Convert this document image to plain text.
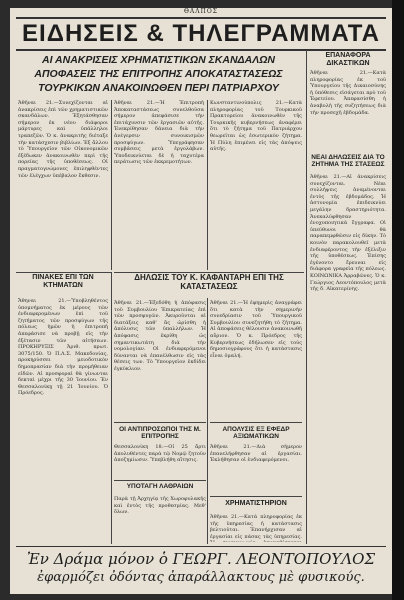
ΘΑΛΠΟΣ
ΕΙΔΗΣΕΙΣ & ΤΗΛΕΓΡΑΜΜΑΤΑ
ΑΙ ΑΝΑΚΡΙΣΕΙΣ ΧΡΗΜΑΤΙΣΤΙΚΩΝ ΣΚΑΝΔΑΛΩΝ
ΑΠΟΦΑΣΕΙΣ ΤΗΣ ΕΠΙΤΡΟΠΗΣ ΑΠΟΚΑΤΑΣΤΑΣΕΩΣ
ΤΟΥΡΚΙΚΩΝ ΑΝΑΚΟΙΝΩΘΕΝ ΠΕΡΙ ΠΑΤΡΙΑΡΧΟΥ
ΕΠΑΝΑΦΟΡΑ ΔΙΚΑΣΤΙΚΩΝ
Ἀθῆναι 21.—Κατὰ πληροφορίας ἐκ τοῦ Ὑπουργείου τῆς Δικαιοσύνης ἡ ὑπόθεσις εἰσάγεται πρὸ τοῦ Ἐφετείου. Ἀπεφασίσθη ἡ ἀναβολὴ τῆς συζητήσεως διὰ τὴν προσεχῆ ἑβδομάδα.
ΝΕΑΙ ΔΗΛΩΣΕΙΣ ΔΙΑ ΤΟ ΖΗΤΗΜΑ ΤΗΣ ΣΤΑΣΕΩΣ
Ἀθῆναι 21.—Αἱ ἀνακρίσεις συνεχίζονται. Νέαι συλλήψεις ἀναμένονται ἐντὸς τῆς ἑβδομάδος. Ἡ ἀστυνομία ἐπιδεικνύει μεγάλην δραστηριότητα. Ἀνεκαλύφθησαν ἐνοχοποιητικὰ ἔγγραφα. Οἱ ὑπεύθυνοι θὰ παραπεμφθῶσιν εἰς δίκην. Τὸ κοινὸν παρακολουθεῖ μετὰ ἐνδιαφέροντος τὴν ἐξέλιξιν τῆς ὑποθέσεως. Ἐπίσης ἐγένοντο ἔρευναι εἰς διάφορα γραφεῖα τῆς πόλεως. ΚΟΙΝΩΝΙΚΑ Ἀρραβῶνες. Ὁ κ. Γεώργιος Λεοντόπουλος μετὰ τῆς δ. Αἰκατερίνης.
Ἀθῆναι 21.—Συνεχίζονται αἱ ἀνακρίσεις ἐπὶ τῶν χρηματιστικῶν σκανδάλων. Ἐξητάσθησαν σήμερον ἐκ νέου διάφοροι μάρτυρες καὶ ὑπάλληλοι τραπεζῶν. Ὁ κ. ἀνακριτὴς διέταξε τὴν κατάσχεσιν βιβλίων. Ἐξ ἄλλου τὸ Ὑπουργεῖον τῶν Οἰκονομικῶν ἐξέδωκεν ἀνακοινωθὲν περὶ τῆς πορείας τῆς ὑποθέσεως. Οἱ πραγματογνώμονες ἐπιληφθέντες τῶν ἐλέγχων ὑπέβαλον ἔκθεσιν.
Ἀθῆναι 21.—Ἡ Ἐπιτροπὴ Ἀποκαταστάσεως συνελθοῦσα σήμερον ἀπεφάσισε τὴν ἐπιτάχυνσιν τῶν ἐργασιῶν αὐτῆς. Ἐνεκρίθησαν δάνεια διὰ τὴν ἀνέγερσιν συνοικισμῶν προσφύγων. Ὑπεγράφησαν συμβάσεις μετὰ ἐργολάβων. Ὑποδεικνύεται δὲ ἡ ταχυτέρα περάτωσις τῶν ἐκκρεμοτήτων.
Κωνσταντινούπολις 21.—Κατὰ πληροφορίας τοῦ Τουρκικοῦ Πρακτορείου ἀνακοινωθὲν τῆς Τουρκικῆς κυβερνήσεως ἀναφέρει ὅτι τὸ ζήτημα τοῦ Πατριάρχου θεωρεῖται ὡς ἐσωτερικὸν ζήτημα. Ἡ Πύλη ἐπιμένει εἰς τὰς ἀπόψεις αὐτῆς.
ΔΗΛΩΣΙΣ ΤΟΥ Κ. ΚΑΦΑΝΤΑΡΗ ΕΠΙ ΤΗΣ ΚΑΤΑΣΤΑΣΕΩΣ
ΠΙΝΑΚΕΣ ΕΠΙ ΤΩΝ ΚΤΗΜΑΤΩΝ
Ἄθηναι 21.—Ὑποβληθέντος ὑπομνήματος ἐκ μέρους τῶν ἐνδιαφερομένων ἐπὶ τοῦ ζητήματος τῶν προσφύγων τῆς πόλεως ἡμῶν ἡ ἐπιτροπὴ ἀπεφάσισε νὰ προβῇ εἰς τὴν ἐξέτασιν τῶν αἰτήσεων. ΠΡΟΚΗΡΥΞΙΣ Ἀριθ. πρωτ. 3075/150. Ὁ Π.Λ.Σ. Μακεδονίας, προκηρύσσει μειοδοτικὸν δημοπρασίαν διὰ τὴν προμήθειαν εἰδῶν. Αἱ προσφοραὶ θὰ γίνωνται δεκταὶ μέχρι τῆς 30 Ἰουνίου. Ἐν Θεσσαλονίκῃ τῇ 21 Ἰουνίου. Ὁ Πρόεδρος.
Ἀθῆναι 21.—Ἐξεδόθη ἡ ἀπόφασις τοῦ Συμβουλίου Ἐπικρατείας ἐπὶ τῶν προσφυγῶν. Ἀκυροῦνται αἱ διατάξεις καθ' ἃς ὠρίσθη ἡ ἀπόλυσις τῶν ὑπαλλήλων. Ἡ ἀπόφασις ἐκρίθη ὡς σημαντικωτάτη διὰ τὴν νομολογίαν. Οἱ ἐνδιαφερόμενοι δύνανται νὰ ἐπανέλθωσιν εἰς τὰς θέσεις των. Τὸ Ὑπουργεῖον ἐκδίδει ἐγκύκλιον.
Ἀθῆναι 21.—Ἡ ἐφημερὶς ἀναγράφει ὅτι κατὰ τὴν σημερινὴν συνεδρίασιν τοῦ Ὑπουργικοῦ Συμβουλίου συνεζητήθη τὸ ζήτημα. Αἱ ἀποφάσεις θέλουσιν ἀνακοινωθῆ αὔριον. Ὁ κ. Πρόεδρος τῆς Κυβερνήσεως ἐδήλωσεν εἰς τοὺς δημοσιογράφους ὅτι ἡ κατάστασις εἶναι ὁμαλή.
ΟΙ ΑΝΤΙΠΡΟΣΩΠΟΙ ΤΗΣ Μ. ΕΠΙΤΡΟΠΗΣ
Θεσσαλονίκη 18.—Οἱ 25 ἄρτι ἀπολυθέντες παρὰ τῷ Νομῷ ζητοῦν ἀποζημίωσιν. Ὑπεβλήθη αἴτησις.
ΥΠΟΤΑΓΗ ΛΑΘΡΑΙΩΝ
Παρὰ τῇ Ἀρχηγίᾳ τῆς Χωροφυλακῆς καὶ ἐντὸς τῆς προθεσμίας. Μεθ' ὅλων.
ΑΠΟΛΥΣΙΣ ΕΞ ΕΦΕΔΡ ΑΞΙΩΜΑΤΙΚΩΝ
Ἀθῆναι 21.—Διὰ σήμερον ἐπανελήφθησαν αἱ ἐργασίαι. Ἐκλήθησαν οἱ ἐνδιαφερόμενοι.
ΧΡΗΜΑΤΙΣΤΗΡΙΟΝ
Ἀθῆναι 21.—Κατὰ πληροφορίας ἐκ τῆς ὑπηρεσίας ἡ κατάστασις βελτιοῦται. Ἐπανήρχισαν αἱ ἐργασίαι εἰς πάσας τὰς ὑπηρεσίας.
Ἐν Δράμα μόνον ὁ ΓΕΩΡΓ. ΛΕΟΝΤΟΠΟΥΛΟΣ
ἐφαρμόζει ὀδόντας ἀπαράλλακτους μὲ φυσικούς.
